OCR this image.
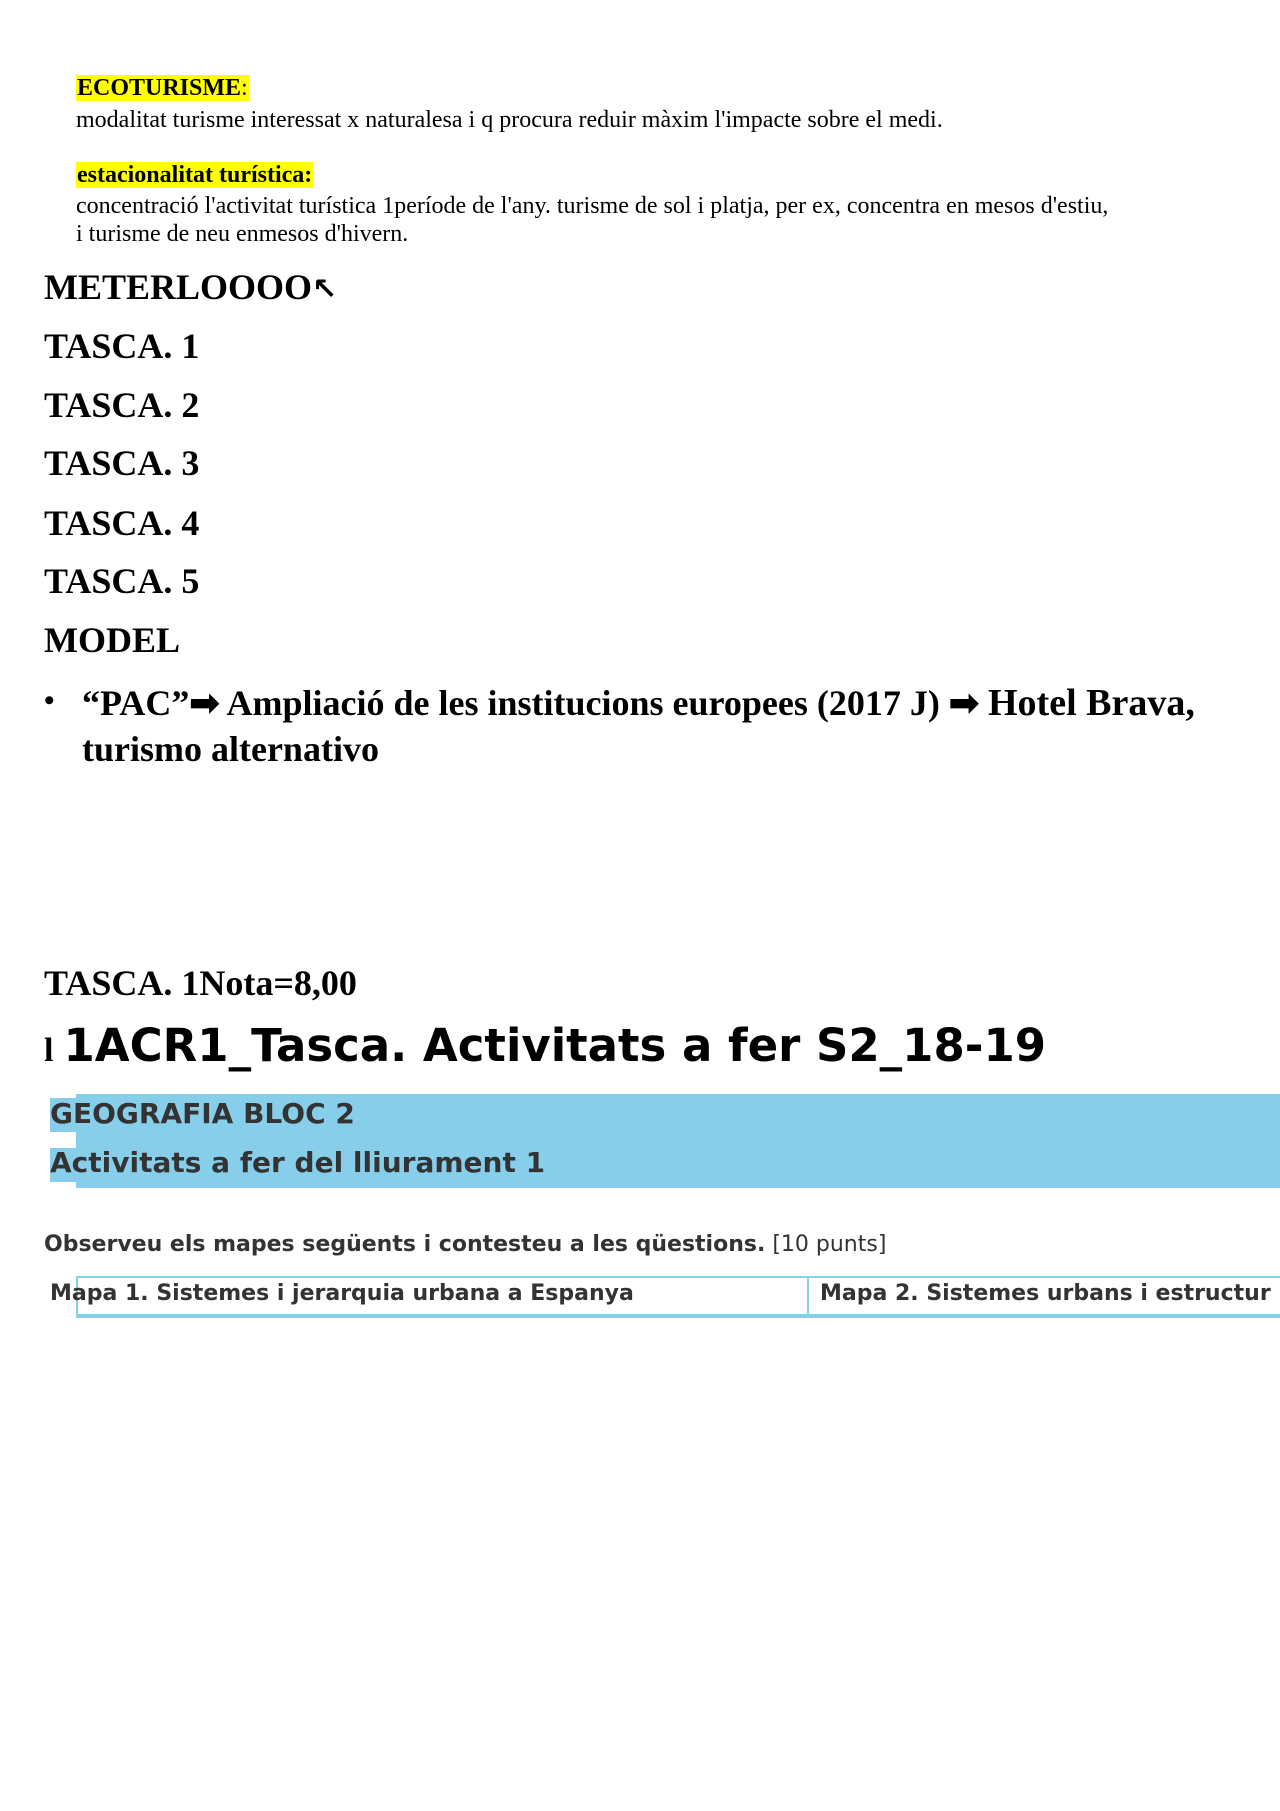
ECOTURISME:
modalitat turisme interessat x naturalesa i q procura reduir màxim l'impacte sobre el medi.
estacionalitat turística:
concentració l'activitat turística 1període de l'any. turisme de sol i platja, per ex, concentra en mesos d'estiu,
i turisme de neu enmesos d'hivern.
METERLOOOO↖
TASCA. 1
TASCA. 2
TASCA. 3
TASCA. 4
TASCA. 5
MODEL
• “PAC”➡ Ampliació de les institucions europees (2017 J) ➡ Hotel Brava,
turismo alternativo
TASCA. 1Nota=8,00
l 1ACR1_Tasca. Activitats a fer S2_18-19
GEOGRAFIA BLOC 2
Activitats a fer del lliurament 1
Observeu els mapes següents i contesteu a les qüestions. [10 punts]
Mapa 1. Sistemes i jerarquia urbana a Espanya	Mapa 2. Sistemes urbans i estructur
